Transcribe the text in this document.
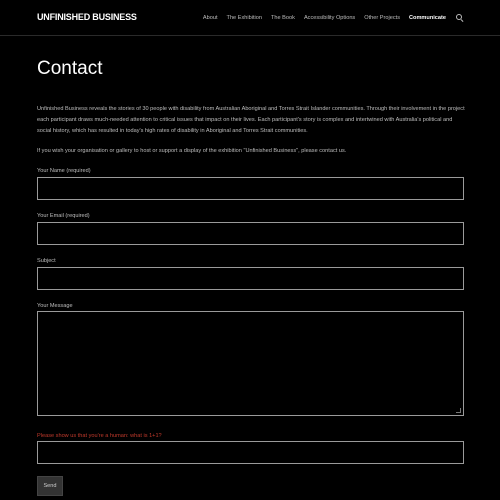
UNFINISHED BUSINESS	About The Exhibition The Book Accessibility Options Other Projects Communicate
Contact

Unfinished Business reveals the stories of 30 people with disability from Australian Aboriginal and Torres Strait Islander communities. Through their involvement in the project each participant draws much-needed attention to critical issues that impact on their lives. Each participant's story is complex and intertwined with Australia's political and social history, which has resulted in today's high rates of disability in Aboriginal and Torres Strait communities.

If you wish your organisation or gallery to host or support a display of the exhibition "Unfinished Business", please contact us.

Your Name (required)
Your Email (required)
Subject
Your Message
Please show us that you're a human: what is 1+1?
Send
